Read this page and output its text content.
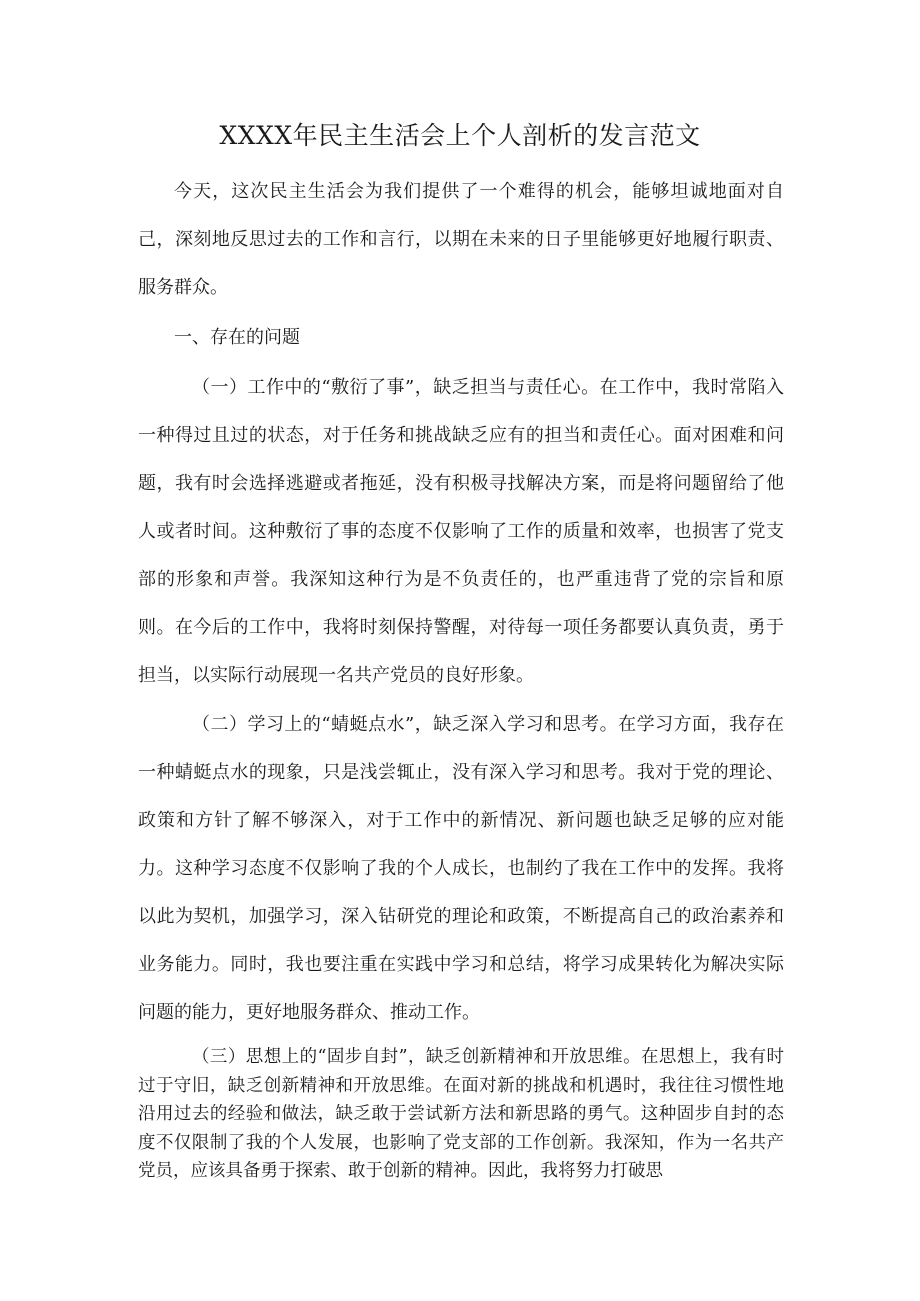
XXXX年民主生活会上个人剖析的发言范文

今天，这次民主生活会为我们提供了一个难得的机会，能够坦诚地面对自己，深刻地反思过去的工作和言行，以期在未来的日子里能够更好地履行职责、服务群众。

一、存在的问题

（一）工作中的“敷衍了事”，缺乏担当与责任心。在工作中，我时常陷入一种得过且过的状态，对于任务和挑战缺乏应有的担当和责任心。面对困难和问题，我有时会选择逃避或者拖延，没有积极寻找解决方案，而是将问题留给了他人或者时间。这种敷衍了事的态度不仅影响了工作的质量和效率，也损害了党支部的形象和声誉。我深知这种行为是不负责任的，也严重违背了党的宗旨和原则。在今后的工作中，我将时刻保持警醒，对待每一项任务都要认真负责，勇于担当，以实际行动展现一名共产党员的良好形象。

（二）学习上的“蜻蜓点水”，缺乏深入学习和思考。在学习方面，我存在一种蜻蜓点水的现象，只是浅尝辄止，没有深入学习和思考。我对于党的理论、政策和方针了解不够深入，对于工作中的新情况、新问题也缺乏足够的应对能力。这种学习态度不仅影响了我的个人成长，也制约了我在工作中的发挥。我将以此为契机，加强学习，深入钻研党的理论和政策，不断提高自己的政治素养和业务能力。同时，我也要注重在实践中学习和总结，将学习成果转化为解决实际问题的能力，更好地服务群众、推动工作。

（三）思想上的“固步自封”，缺乏创新精神和开放思维。在思想上，我有时过于守旧，缺乏创新精神和开放思维。在面对新的挑战和机遇时，我往往习惯性地沿用过去的经验和做法，缺乏敢于尝试新方法和新思路的勇气。这种固步自封的态度不仅限制了我的个人发展，也影响了党支部的工作创新。我深知，作为一名共产党员，应该具备勇于探索、敢于创新的精神。因此，我将努力打破思
